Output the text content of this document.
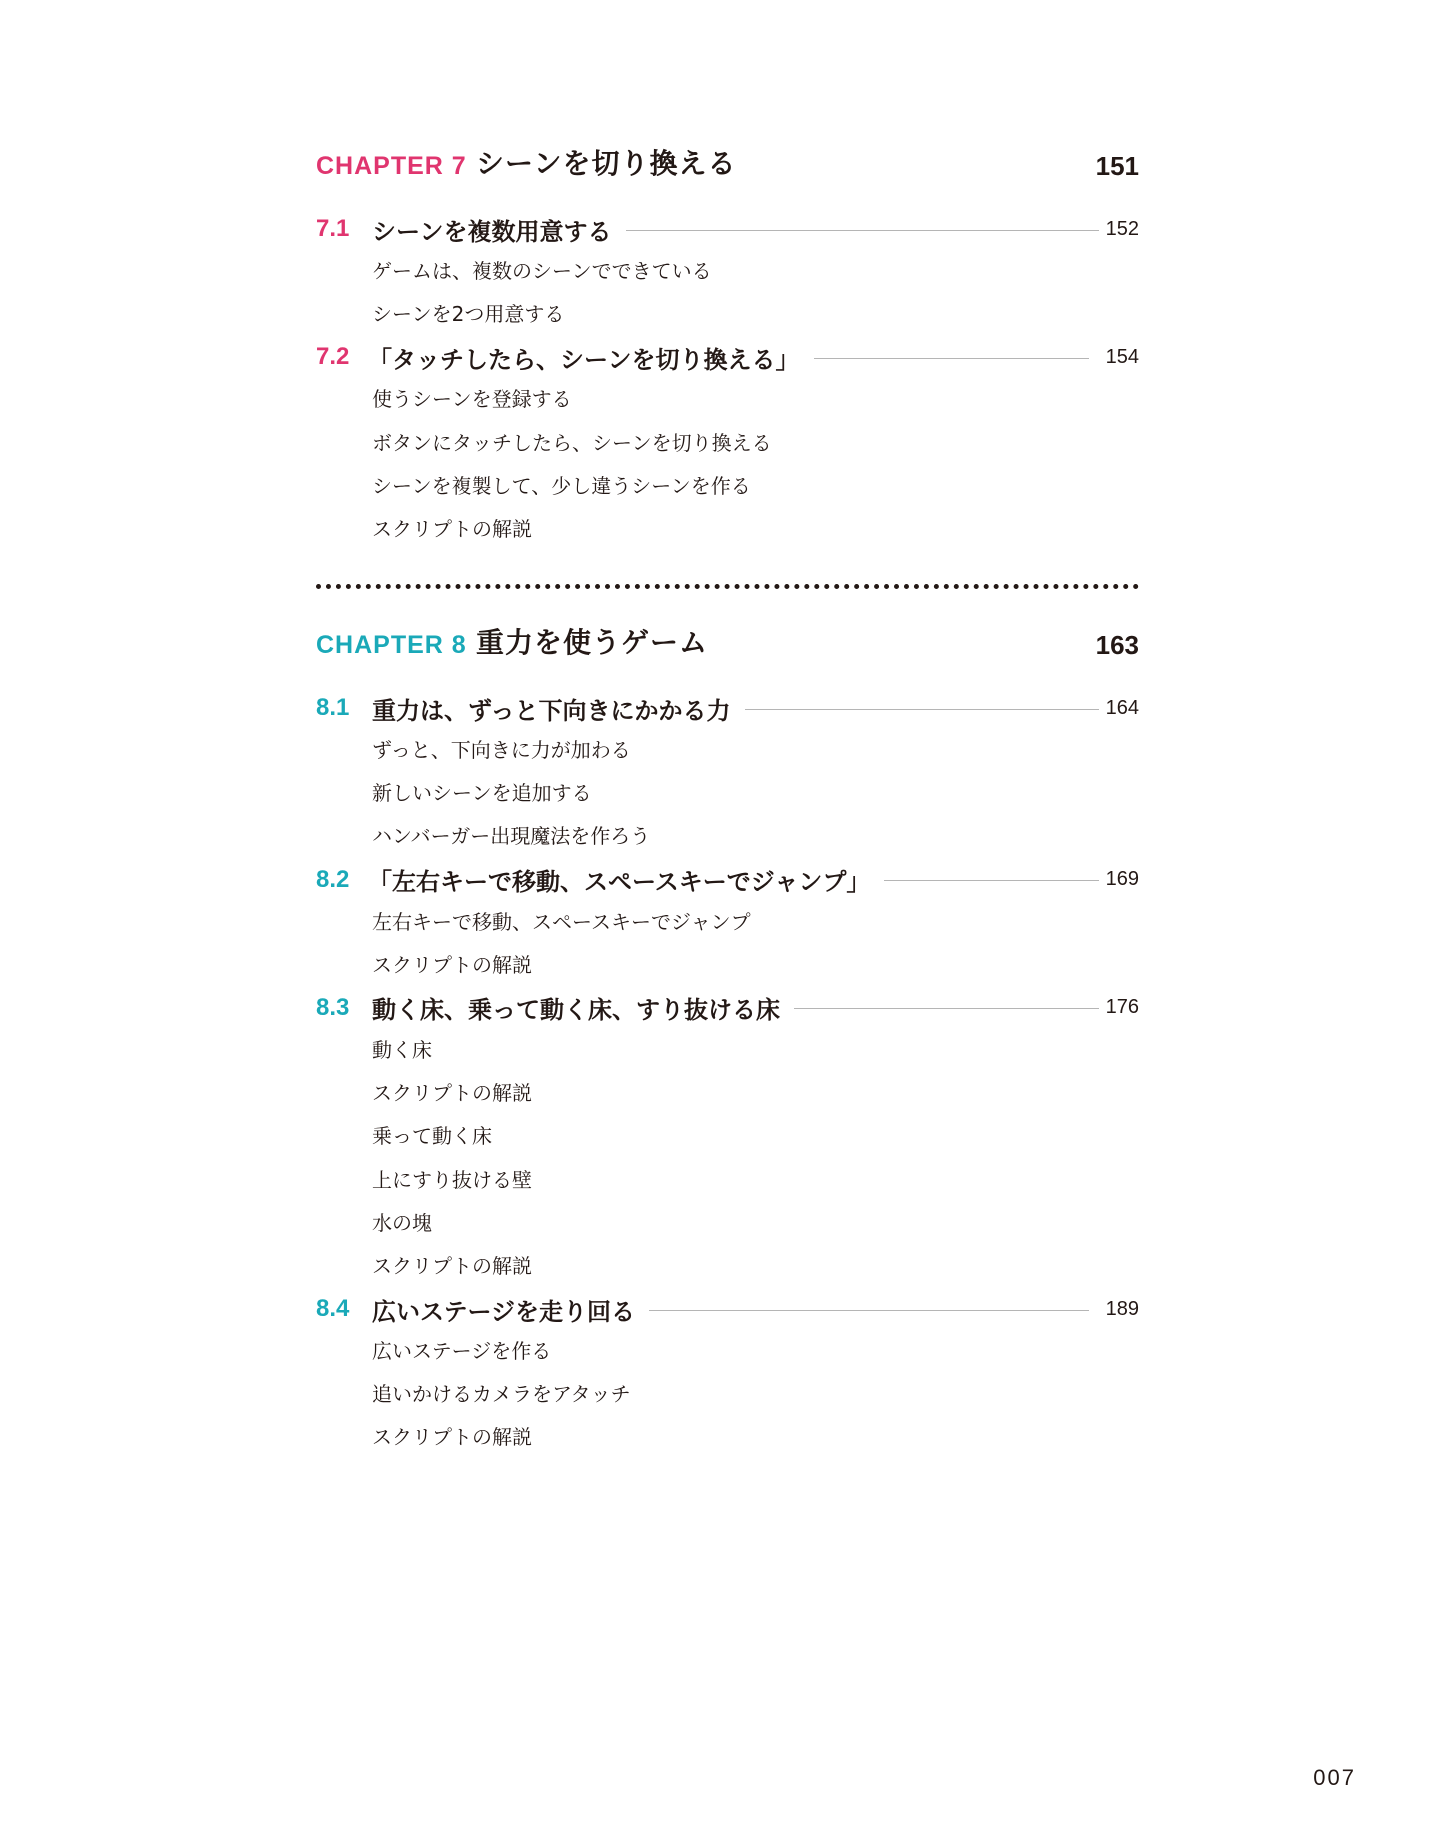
CHAPTER 7 シーンを切り換える	151
7.1 シーンを複数用意する	152
ゲームは、複数のシーンでできている
シーンを2つ用意する
7.2 「タッチしたら、シーンを切り換える」	154
使うシーンを登録する
ボタンにタッチしたら、シーンを切り換える
シーンを複製して、少し違うシーンを作る
スクリプトの解説
CHAPTER 8 重力を使うゲーム	163
8.1 重力は、ずっと下向きにかかる力	164
ずっと、下向きに力が加わる
新しいシーンを追加する
ハンバーガー出現魔法を作ろう
8.2 「左右キーで移動、スペースキーでジャンプ」	169
左右キーで移動、スペースキーでジャンプ
スクリプトの解説
8.3 動く床、乗って動く床、すり抜ける床	176
動く床
スクリプトの解説
乗って動く床
上にすり抜ける壁
水の塊
スクリプトの解説
8.4 広いステージを走り回る	189
広いステージを作る
追いかけるカメラをアタッチ
スクリプトの解説
007
